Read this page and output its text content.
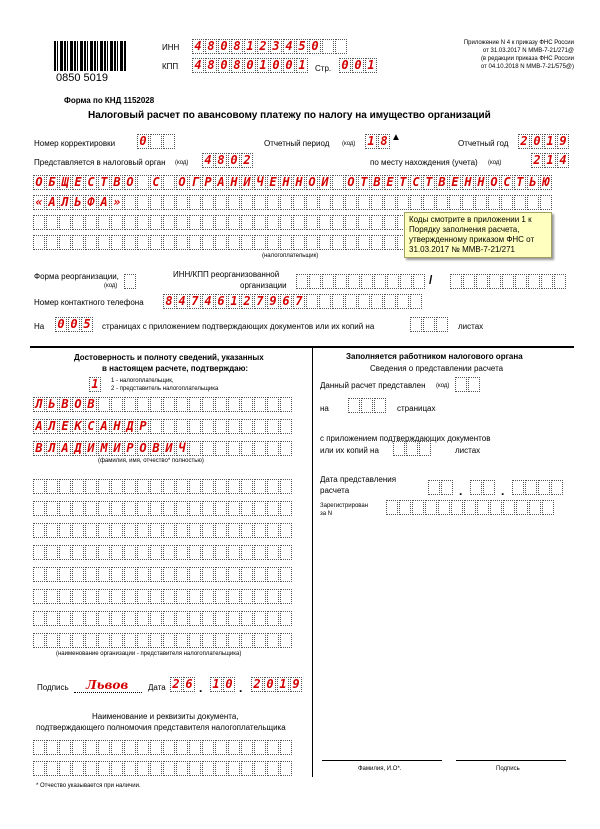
0850 5019
ИНН 4 8 0 8 1 2 3 4 5 0
КПП 4 8 0 8 0 1 0 0 1 Стр. 0 0 1
Приложение N 4 к приказу ФНС России
от 31.03.2017 N ММВ-7-21/271@
(в редакции приказа ФНС России
от 04.10.2018 N ММВ-7-21/575@)
Форма по КНД 1152028
Налоговый расчет по авансовому платежу по налогу на имущество организаций
Номер корректировки 0	Отчетный период (код) 1 8 ▲
Отчетный год 2 0 1 9
Представляется в налоговый орган (код) 4 8 0 2	по месту нахождения (учета) (код)	2 1 4
О Б Щ Е С Т В О С О Г Р А Н И Ч Е Н Н О Й О Т В Е Т С Т В Е Н Н О С Т Ь Ю
« А Л Ь Ф А »
(налогоплательщик)
Коды смотрите в приложении 1 к Порядку заполнения расчета, утвержденному приказом ФНС от 31.03.2017 № ММВ-7-21/271
Форма реорганизации,
(код)
ИНН/КПП реорганизованной
организации	/
Номер контактного телефона 8 4 7 4 6 1 2 7 9 6 7
На 0 0 5 страницах с приложением подтверждающих документов или их копий на	листах
Достоверность и полноту сведений, указанных
в настоящем расчете, подтверждаю:
1	1 - налогоплательщик,
2 - представитель налогоплательщика
Л Ь В О В
А Л Е К С А Н Д Р
В Л А Д И М И Р О В И Ч
(фамилия, имя, отчество* полностью)
(наименование организации - представителя налогоплательщика)
Подпись Львов Дата 2 6 . 1 0 . 2 0 1 9
Наименование и реквизиты документа,
подтверждающего полномочия представителя налогоплательщика
* Отчество указывается при наличии.
Заполняется работником налогового органа
Сведения о представлении расчета
Данный расчет представлен (код)
на	страницах
с приложением подтверждающих документов
или их копий на	листах
Дата представления
расчета	.	.
Зарегистрирован
за N
Фамилия, И.О*.	Подпись
